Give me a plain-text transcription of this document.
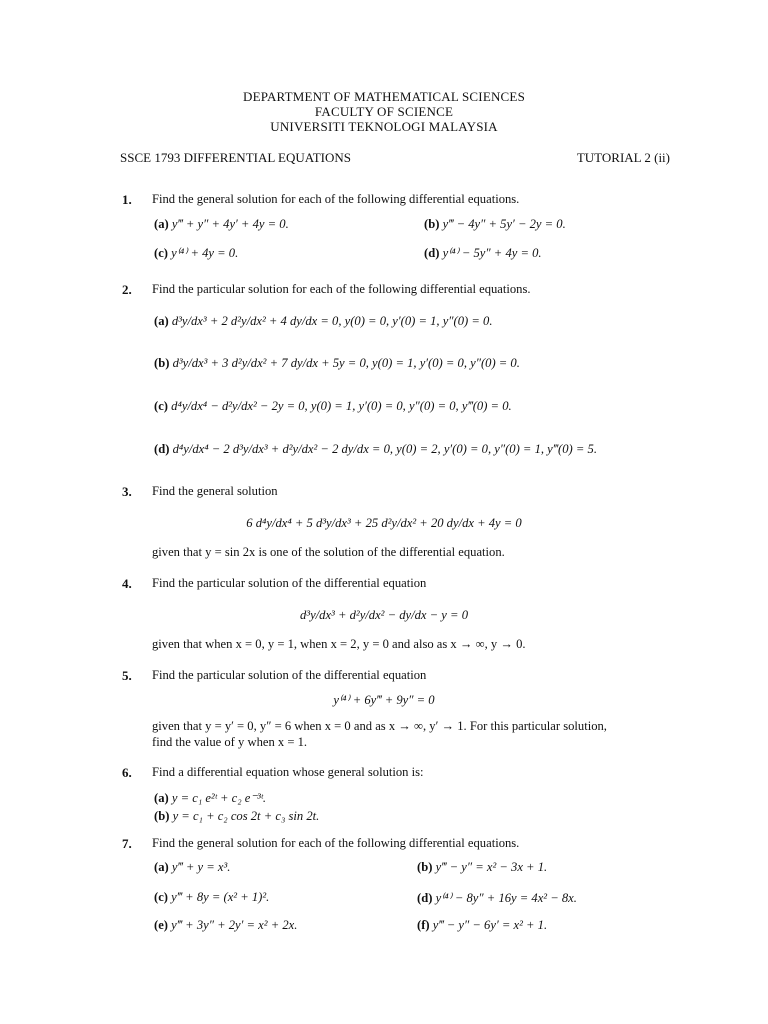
DEPARTMENT OF MATHEMATICAL SCIENCES
FACULTY OF SCIENCE
UNIVERSITI TEKNOLOGI MALAYSIA
SSCE 1793 DIFFERENTIAL EQUATIONS	TUTORIAL 2 (ii)
1. Find the general solution for each of the following differential equations.
(a) y‴ + y″ + 4y′ + 4y = 0.	(b) y‴ − 4y″ + 5y′ − 2y = 0.
(c) y⁽⁴⁾ + 4y = 0.	(d) y⁽⁴⁾ − 5y″ + 4y = 0.
2. Find the particular solution for each of the following differential equations.
(a) d³y/dx³ + 2 d²y/dx² + 4 dy/dx = 0, y(0) = 0, y′(0) = 1, y″(0) = 0.
(b) d³y/dx³ + 3 d²y/dx² + 7 dy/dx + 5y = 0, y(0) = 1, y′(0) = 0, y″(0) = 0.
(c) d⁴y/dx⁴ − d²y/dx² − 2y = 0, y(0) = 1, y′(0) = 0, y″(0) = 0, y‴(0) = 0.
(d) d⁴y/dx⁴ − 2 d³y/dx³ + d²y/dx² − 2 dy/dx = 0, y(0) = 2, y′(0) = 0, y″(0) = 1, y‴(0) = 5.
3. Find the general solution
6 d⁴y/dx⁴ + 5 d³y/dx³ + 25 d²y/dx² + 20 dy/dx + 4y = 0
given that y = sin 2x is one of the solution of the differential equation.
4. Find the particular solution of the differential equation
d³y/dx³ + d²y/dx² − dy/dx − y = 0
given that when x = 0, y = 1, when x = 2, y = 0 and also as x → ∞, y → 0.
5. Find the particular solution of the differential equation
y⁽⁴⁾ + 6y‴ + 9y″ = 0
given that y = y′ = 0, y″ = 6 when x = 0 and as x → ∞, y′ → 1. For this particular solution,
find the value of y when x = 1.
6. Find a differential equation whose general solution is:
(a) y = c₁ e²ᵗ + c₂ e⁻³ᵗ.
(b) y = c₁ + c₂ cos 2t + c₃ sin 2t.
7. Find the general solution for each of the following differential equations.
(a) y‴ + y = x³.	(b) y‴ − y″ = x² − 3x + 1.
(c) y‴ + 8y = (x² + 1)².	(d) y⁽⁴⁾ − 8y″ + 16y = 4x² − 8x.
(e) y‴ + 3y″ + 2y′ = x² + 2x.	(f) y‴ − y″ − 6y′ = x² + 1.
